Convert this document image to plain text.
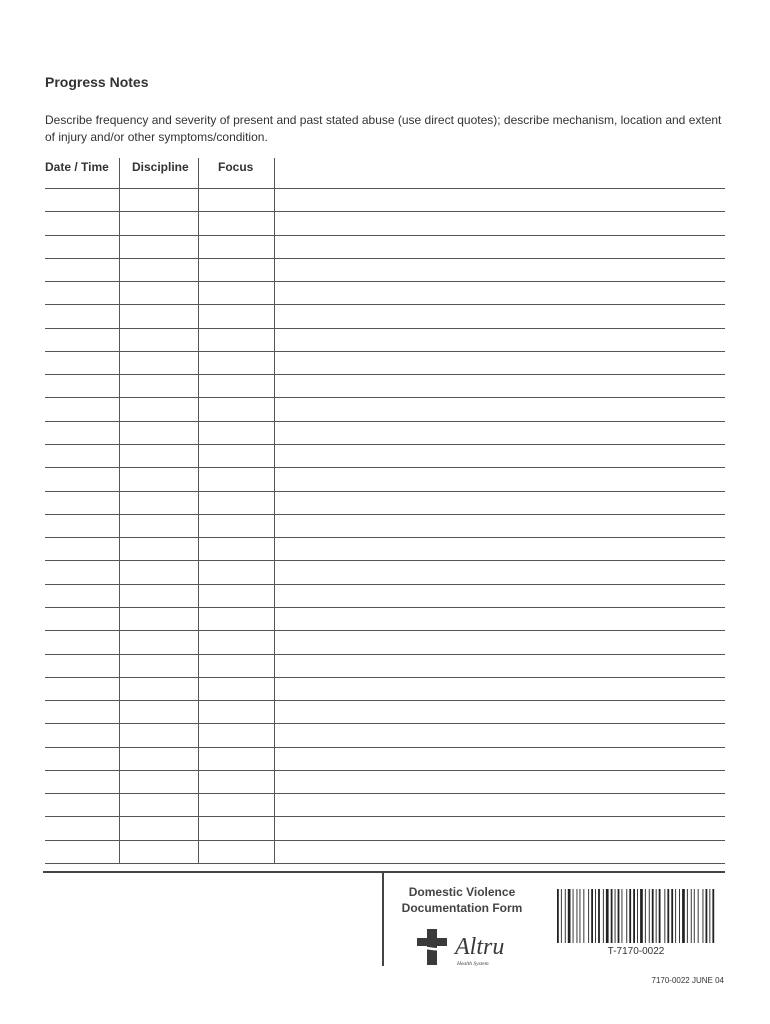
Progress Notes
Describe frequency and severity of present and past stated abuse (use direct quotes); describe mechanism, location and extent of injury and/or other symptoms/condition.
Date / Time Discipline Focus
Domestic Violence
Documentation Form
Altru
Health System
T-7170-0022
7170-0022 JUNE 04
